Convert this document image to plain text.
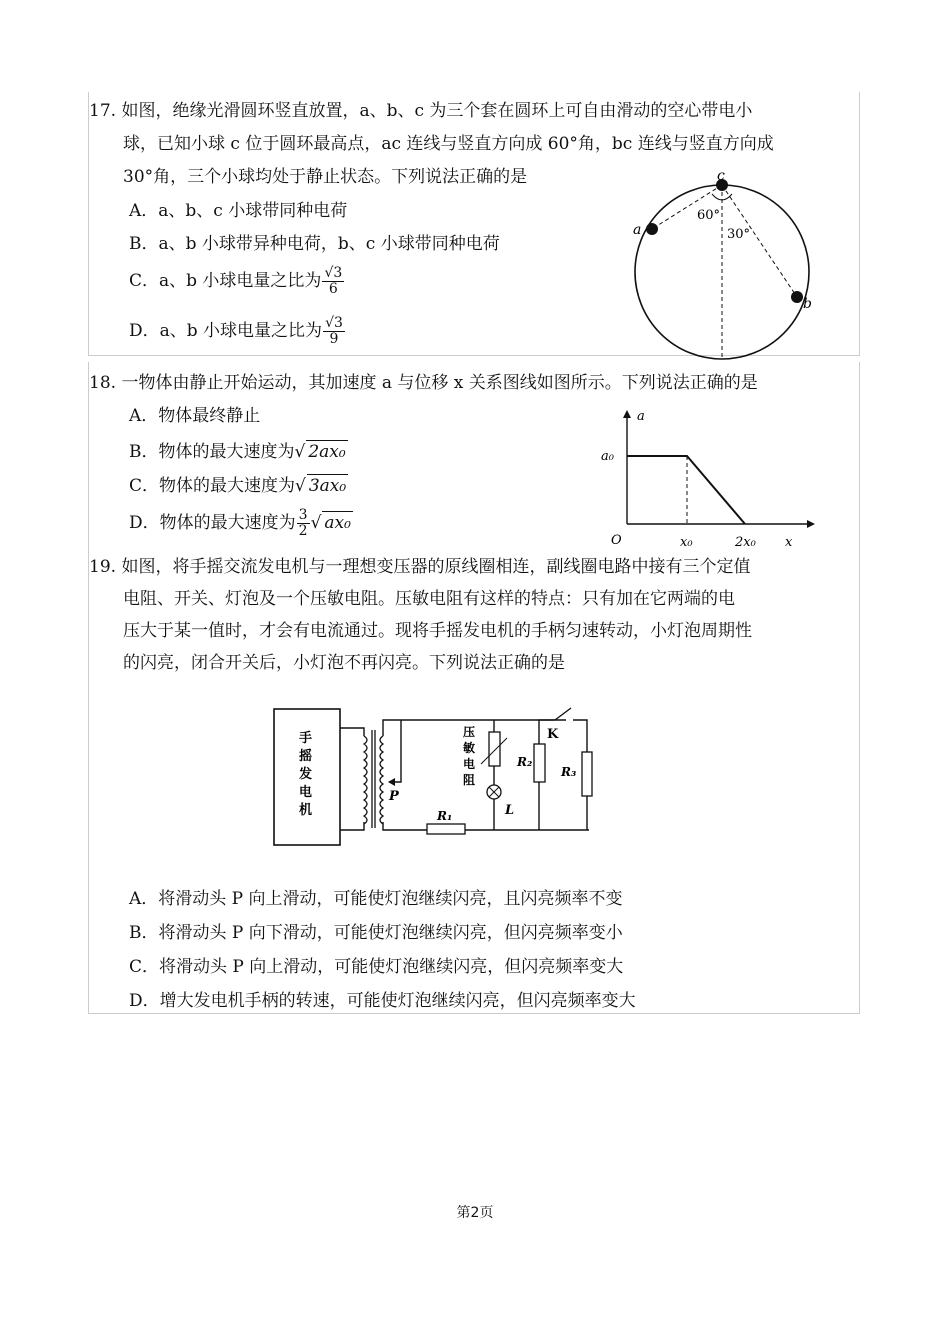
17. 如图，绝缘光滑圆环竖直放置，a、b、c 为三个套在圆环上可自由滑动的空心带电小
球，已知小球 c 位于圆环最高点，ac 连线与竖直方向成 60°角，bc 连线与竖直方向成
30°角，三个小球均处于静止状态。下列说法正确的是
A．a、b、c 小球带同种电荷
B．a、b 小球带异种电荷，b、c 小球带同种电荷
C．a、b 小球电量之比为 $\frac{√3}{6}$
D．a、b 小球电量之比为 $\frac{√3}{9}$
c
a
b
60°
30°
18. 一物体由静止开始运动，其加速度 a 与位移 x 关系图线如图所示。下列说法正确的是
A．物体最终静止
B．物体的最大速度为√ 2ax₀
C．物体的最大速度为√ 3ax₀
D．物体的最大速度为 $\frac{3}{2}$ √ ax₀
a
x
O
a₀
x₀	2x₀
19. 如图，将手摇交流发电机与一理想变压器的原线圈相连，副线圈电路中接有三个定值
电阻、开关、灯泡及一个压敏电阻。压敏电阻有这样的特点：只有加在它两端的电
压大于某一值时，才会有电流通过。现将手摇发电机的手柄匀速转动，小灯泡周期性
的闪亮，闭合开关后，小灯泡不再闪亮。下列说法正确的是
手
摇
发
电
机
P
R₁
压
敏
电
阻
L
R₂
K
R₃
A．将滑动头 P 向上滑动，可能使灯泡继续闪亮，且闪亮频率不变
B．将滑动头 P 向下滑动，可能使灯泡继续闪亮，但闪亮频率变小
C．将滑动头 P 向上滑动，可能使灯泡继续闪亮，但闪亮频率变大
D．增大发电机手柄的转速，可能使灯泡继续闪亮，但闪亮频率变大
第2页
